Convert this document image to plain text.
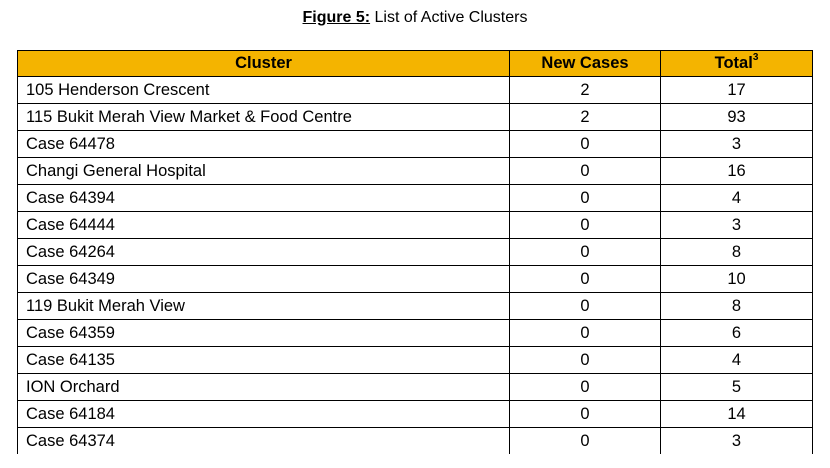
Figure 5: List of Active Clusters
Cluster	New Cases	Total$^3$
105 Henderson Crescent	2	17
115 Bukit Merah View Market & Food Centre	2	93
Case 64478	0	3
Changi General Hospital	0	16
Case 64394	0	4
Case 64444	0	3
Case 64264	0	8
Case 64349	0	10
119 Bukit Merah View	0	8
Case 64359	0	6
Case 64135	0	4
ION Orchard	0	5
Case 64184	0	14
Case 64374	0	3
